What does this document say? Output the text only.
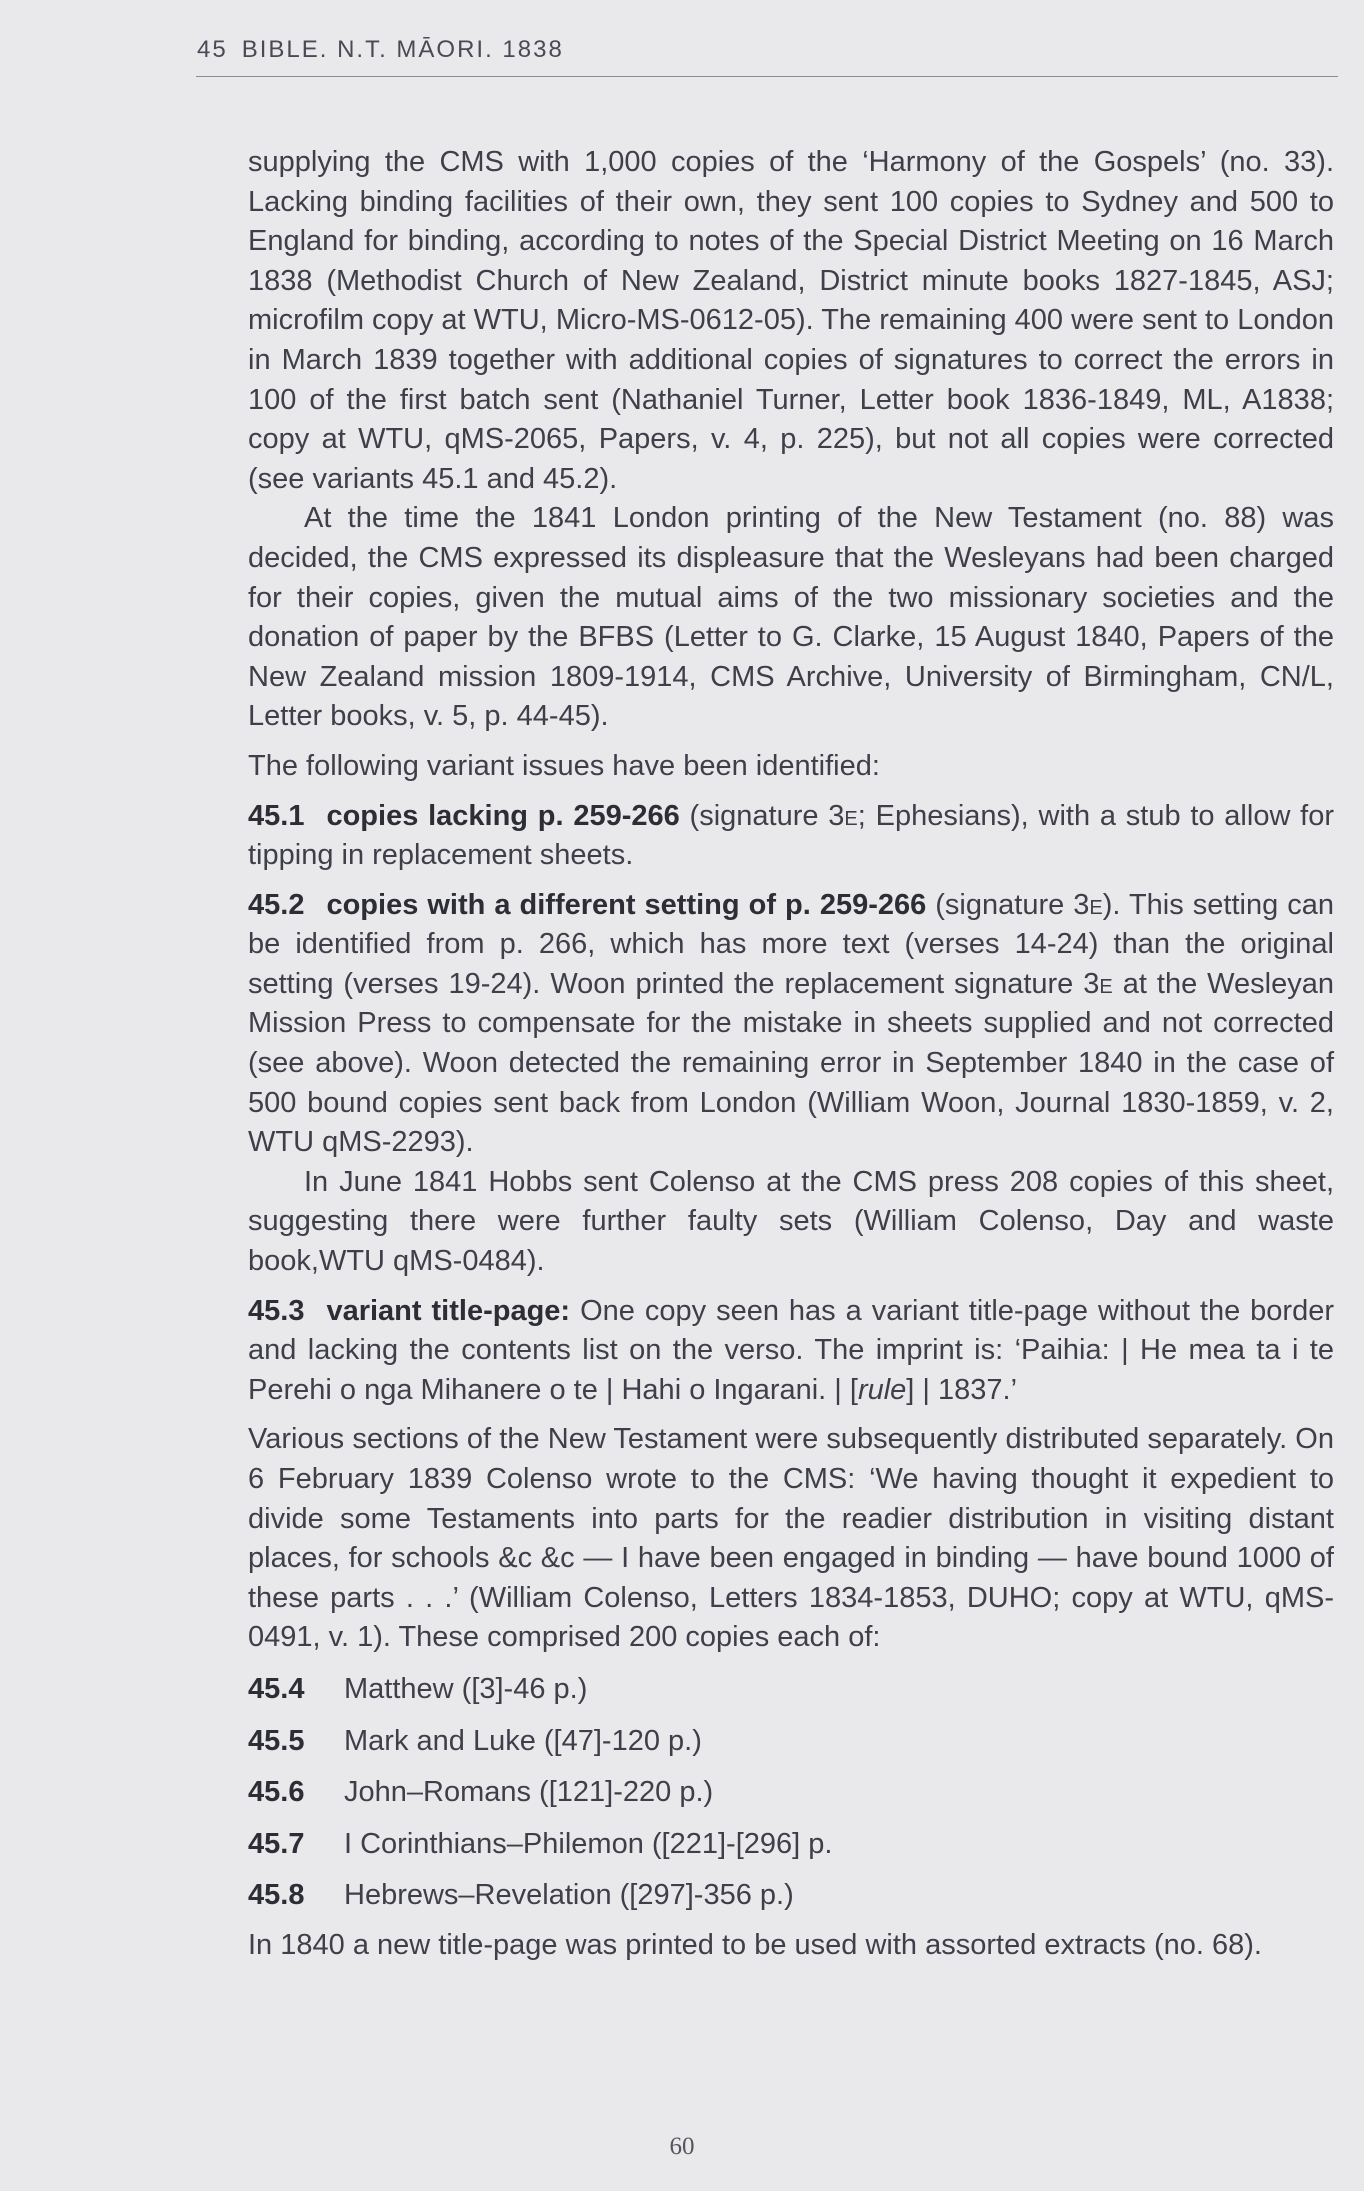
45 BIBLE. N.T. MĀORI. 1838

supplying the CMS with 1,000 copies of the ‘Harmony of the Gospels’ (no. 33). Lacking binding facilities of their own, they sent 100 copies to Sydney and 500 to England for binding, according to notes of the Special District Meeting on 16 March 1838 (Methodist Church of New Zealand, District minute books 1827-1845, ASJ; microfilm copy at WTU, Micro-MS-0612-05). The remaining 400 were sent to London in March 1839 together with additional copies of signatures to correct the errors in 100 of the first batch sent (Nathaniel Turner, Letter book 1836-1849, ML, A1838; copy at WTU, qMS-2065, Papers, v. 4, p. 225), but not all copies were corrected (see variants 45.1 and 45.2).

At the time the 1841 London printing of the New Testament (no. 88) was decided, the CMS expressed its displeasure that the Wesleyans had been charged for their copies, given the mutual aims of the two missionary societies and the donation of paper by the BFBS (Letter to G. Clarke, 15 August 1840, Papers of the New Zealand mission 1809-1914, CMS Archive, University of Birmingham, CN/L, Letter books, v. 5, p. 44-45).

The following variant issues have been identified:

45.1 copies lacking p. 259-266 (signature 3e; Ephesians), with a stub to allow for tipping in replacement sheets.

45.2 copies with a different setting of p. 259-266 (signature 3e). This setting can be identified from p. 266, which has more text (verses 14-24) than the original setting (verses 19-24). Woon printed the replacement signature 3e at the Wesleyan Mission Press to compensate for the mistake in sheets supplied and not corrected (see above). Woon detected the remaining error in September 1840 in the case of 500 bound copies sent back from London (William Woon, Journal 1830-1859, v. 2, WTU qMS-2293).

In June 1841 Hobbs sent Colenso at the CMS press 208 copies of this sheet, suggesting there were further faulty sets (William Colenso, Day and waste book,WTU qMS-0484).

45.3 variant title-page: One copy seen has a variant title-page without the border and lacking the contents list on the verso. The imprint is: ‘Paihia: | He mea ta i te Perehi o nga Mihanere o te | Hahi o Ingarani. | [rule] | 1837.’

Various sections of the New Testament were subsequently distributed separately. On 6 February 1839 Colenso wrote to the CMS: ‘We having thought it expedient to divide some Testaments into parts for the readier distribution in visiting distant places, for schools &c &c — I have been engaged in binding — have bound 1000 of these parts . . .’ (William Colenso, Letters 1834-1853, DUHO; copy at WTU, qMS-0491, v. 1). These comprised 200 copies each of:

45.4	Matthew ([3]-46 p.)
45.5	Mark and Luke ([47]-120 p.)
45.6	John–Romans ([121]-220 p.)
45.7	I Corinthians–Philemon ([221]-[296] p.
45.8	Hebrews–Revelation ([297]-356 p.)

In 1840 a new title-page was printed to be used with assorted extracts (no. 68).

60
